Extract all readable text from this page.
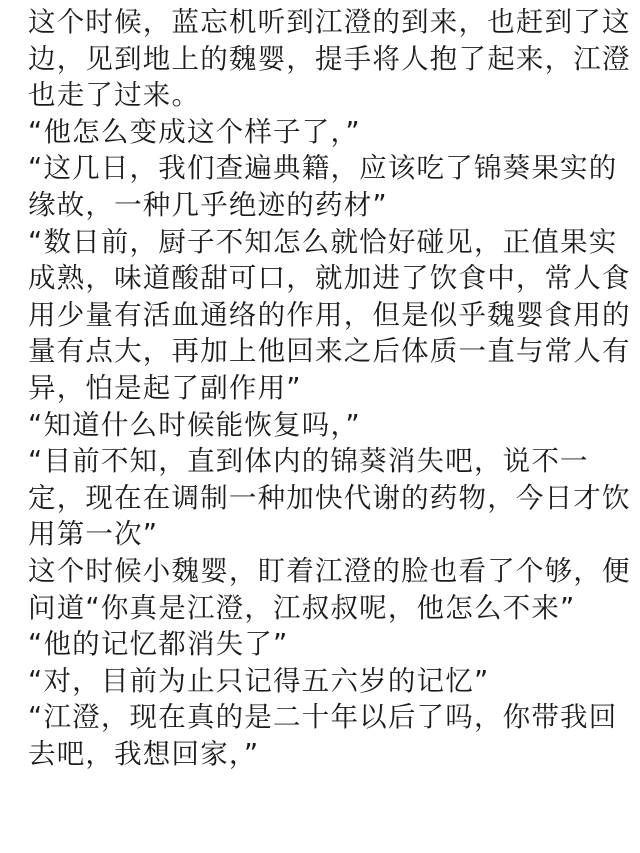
这个时候，蓝忘机听到江澄的到来，也赶到了这
边，见到地上的魏婴，提手将人抱了起来，江澄
也走了过来。
“他怎么变成这个样子了，”
“这几日，我们查遍典籍，应该吃了锦葵果实的
缘故，一种几乎绝迹的药材”
“数日前，厨子不知怎么就恰好碰见，正值果实
成熟，味道酸甜可口，就加进了饮食中，常人食
用少量有活血通络的作用，但是似乎魏婴食用的
量有点大，再加上他回来之后体质一直与常人有
异，怕是起了副作用”
“知道什么时候能恢复吗，”
“目前不知，直到体内的锦葵消失吧，说不一
定，现在在调制一种加快代谢的药物，今日才饮
用第一次”
这个时候小魏婴，盯着江澄的脸也看了个够，便
问道“你真是江澄，江叔叔呢，他怎么不来”
“他的记忆都消失了”
“对，目前为止只记得五六岁的记忆”
“江澄，现在真的是二十年以后了吗，你带我回
去吧，我想回家，”
